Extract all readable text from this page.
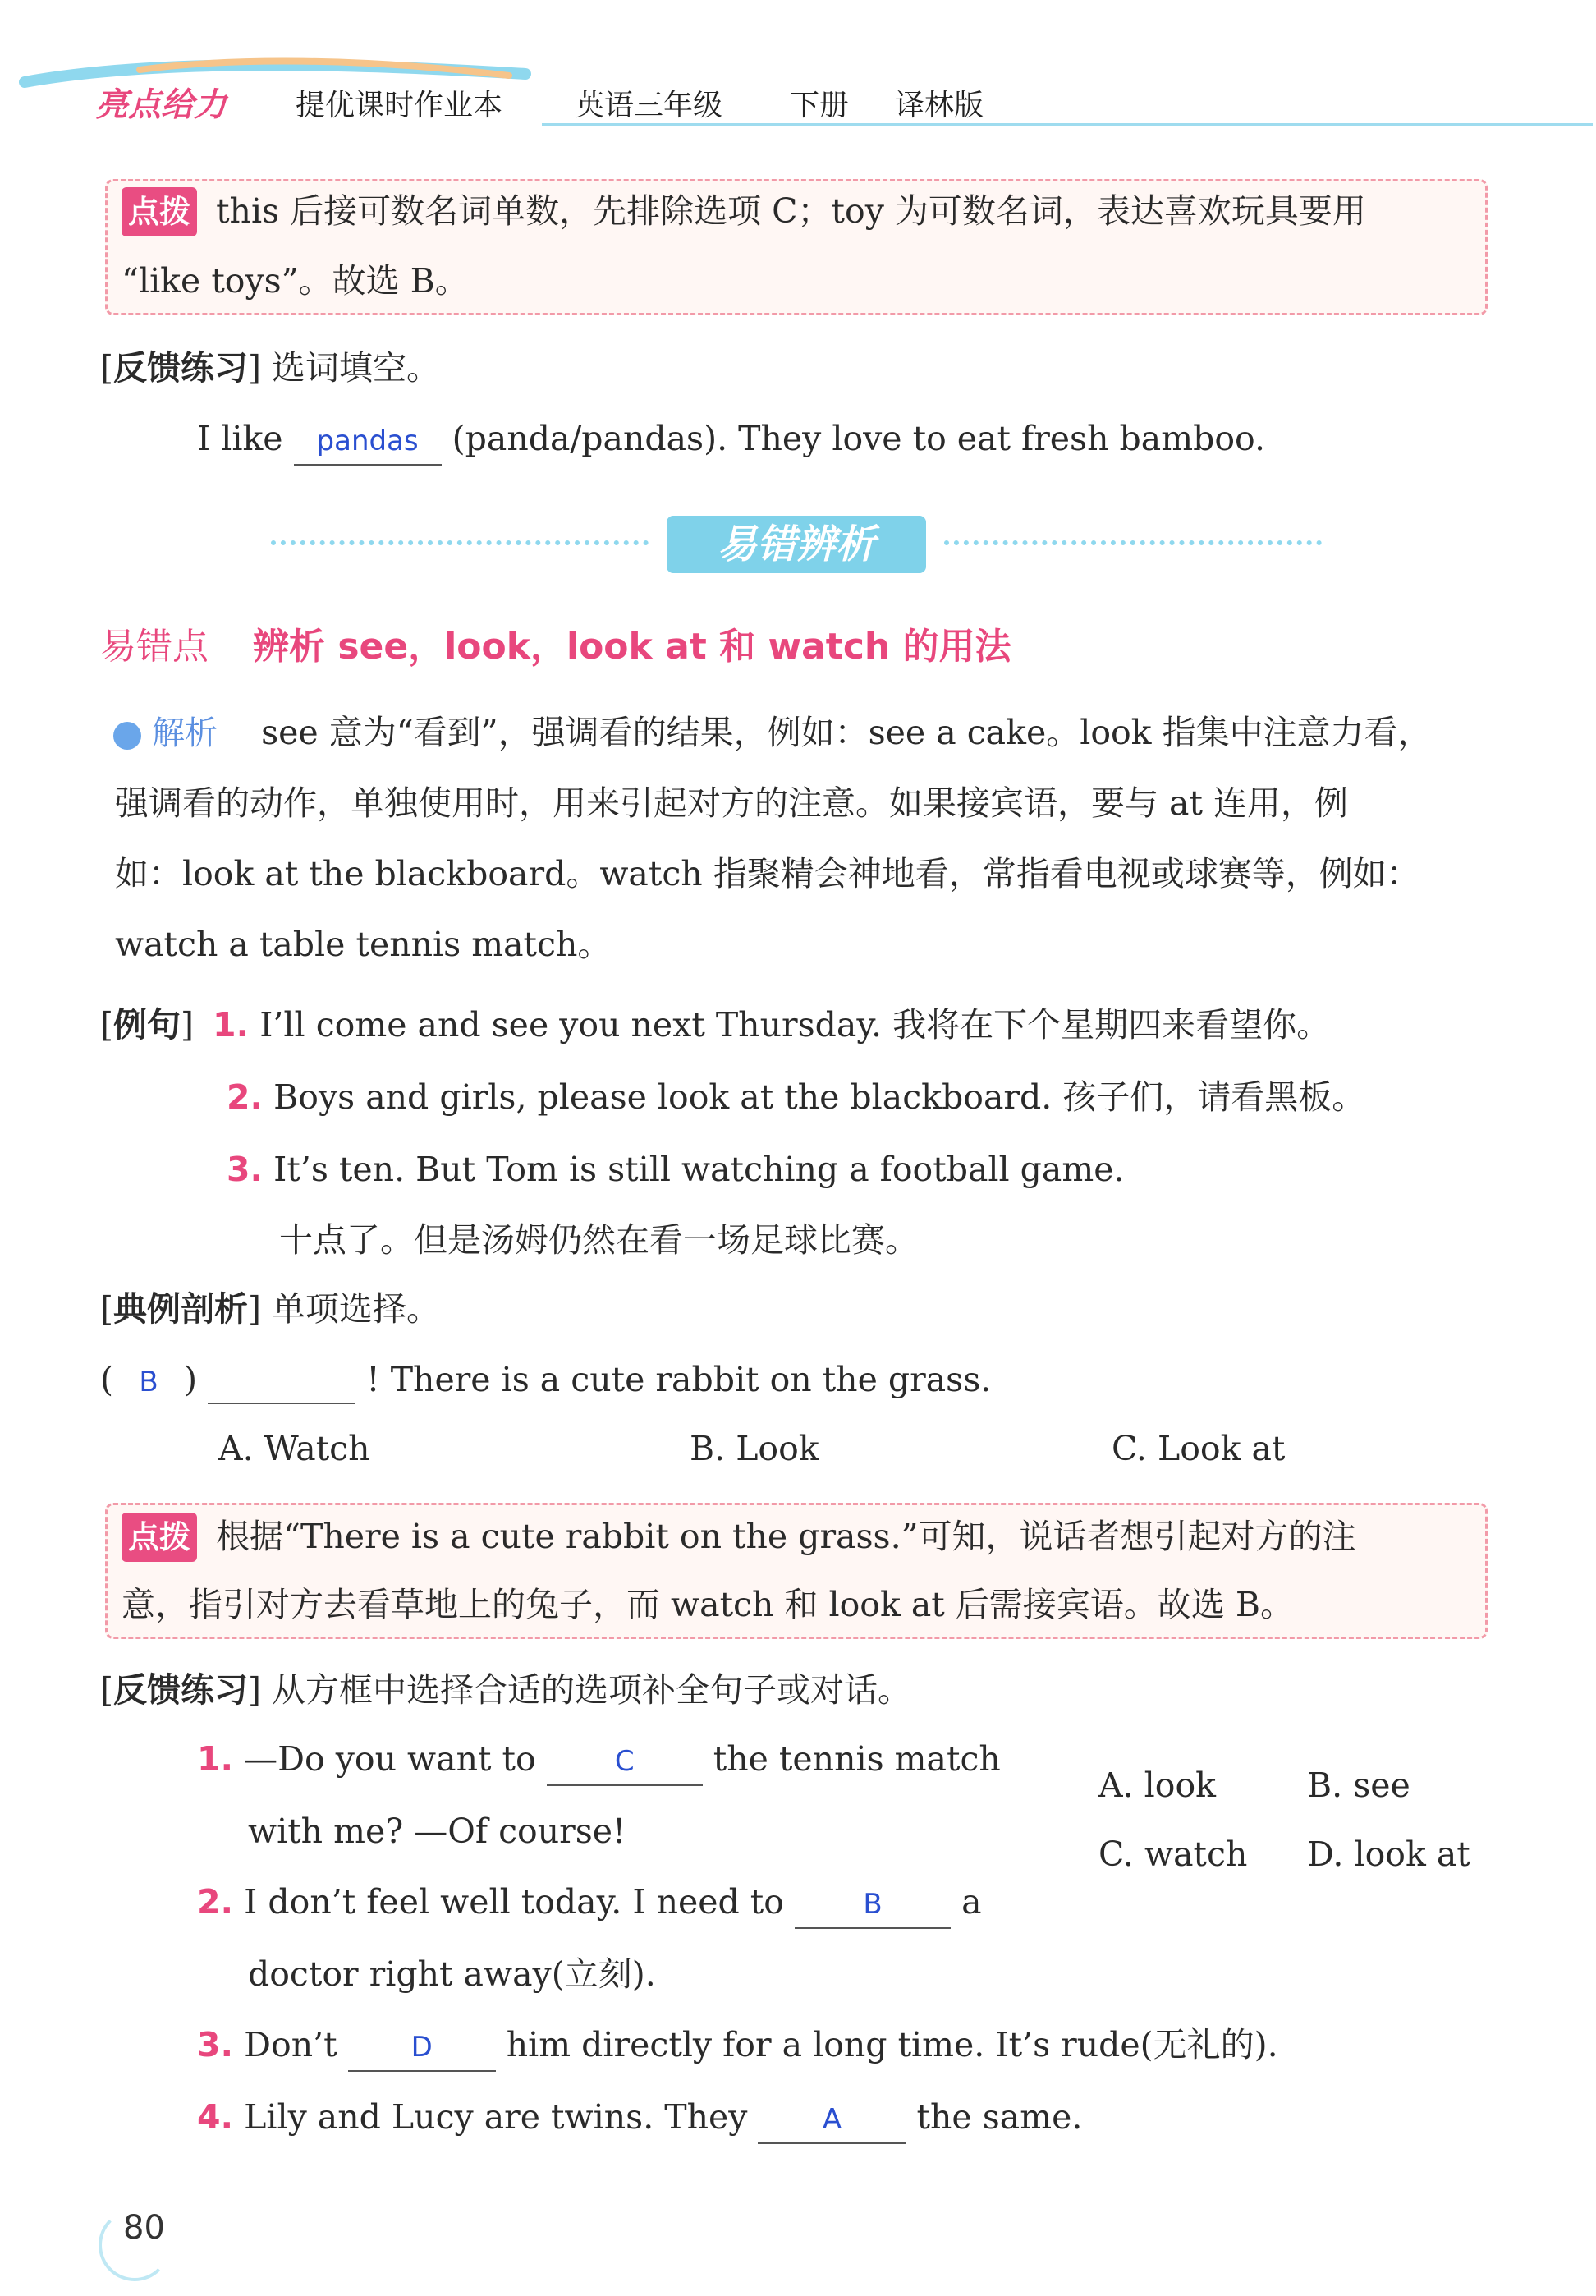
亮点给力 提优课时作业本 英语三年级 下册 译林版
点拨 this 后接可数名词单数，先排除选项 C；toy 为可数名词，表达喜欢玩具要用
“like toys”。故选 B。
[反馈练习] 选词填空。
I like pandas (panda/pandas). They love to eat fresh bamboo.
易错辨析
易错点 辨析 see，look，look at 和 watch 的用法
解析 see 意为“看到”，强调看的结果，例如：see a cake。look 指集中注意力看，
强调看的动作，单独使用时，用来引起对方的注意。如果接宾语，要与 at 连用，例
如：look at the blackboard。watch 指聚精会神地看，常指看电视或球赛等，例如：
watch a table tennis match。
[例句] 1. I’ll come and see you next Thursday. 我将在下个星期四来看望你。
2. Boys and girls, please look at the blackboard. 孩子们，请看黑板。
3. It’s ten. But Tom is still watching a football game.
十点了。但是汤姆仍然在看一场足球比赛。
[典例剖析] 单项选择。
( B )	! There is a cute rabbit on the grass.
A. Watch	B. Look	C. Look at
点拨 根据“There is a cute rabbit on the grass.”可知，说话者想引起对方的注
意，指引对方去看草地上的兔子，而 watch 和 look at 后需接宾语。故选 B。
[反馈练习] 从方框中选择合适的选项补全句子或对话。
A. look	B. see
C. watch D. look at
1. —Do you want to	C the tennis match
with me? —Of course!
2. I don’t feel well today. I need to	B a
doctor right away(立刻).
3. Don’t	D him directly for a long time. It’s rude(无礼的).
4. Lily and Lucy are twins. They	A the same.
80
